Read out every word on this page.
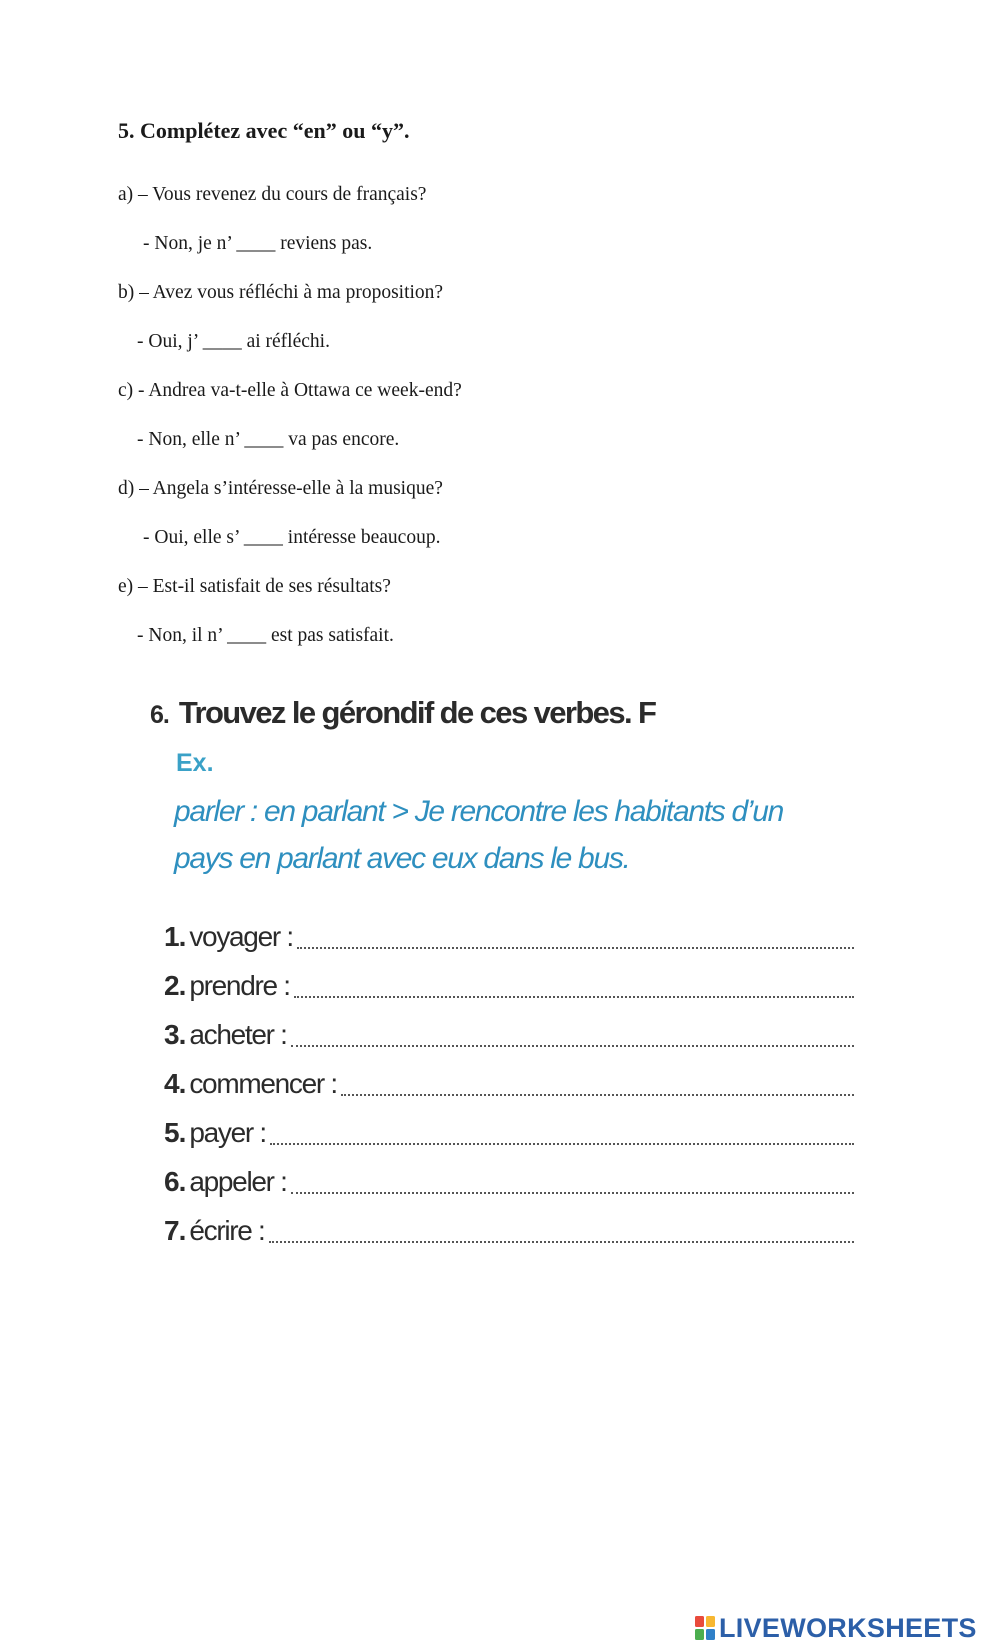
5. Complétez avec “en” ou “y”.
a) – Vous revenez du cours de français?
- Non, je n’ ____ reviens pas.
b) – Avez vous réfléchi à ma proposition?
- Oui, j’ ____ ai réfléchi.
c) - Andrea va-t-elle à Ottawa ce week-end?
- Non, elle n’ ____ va pas encore.
d) – Angela s’intéresse-elle à la musique?
- Oui, elle s’ ____ intéresse beaucoup.
e) – Est-il satisfait de ses résultats?
- Non, il n’ ____ est pas satisfait.
6. Trouvez le gérondif de ces verbes. F
Ex.
parler : en parlant > Je rencontre les habitants d’un pays en parlant avec eux dans le bus.
1. voyager :
2. prendre :
3. acheter :
4. commencer :
5. payer :
6. appeler :
7. écrire :
LIVEWORKSHEETS
